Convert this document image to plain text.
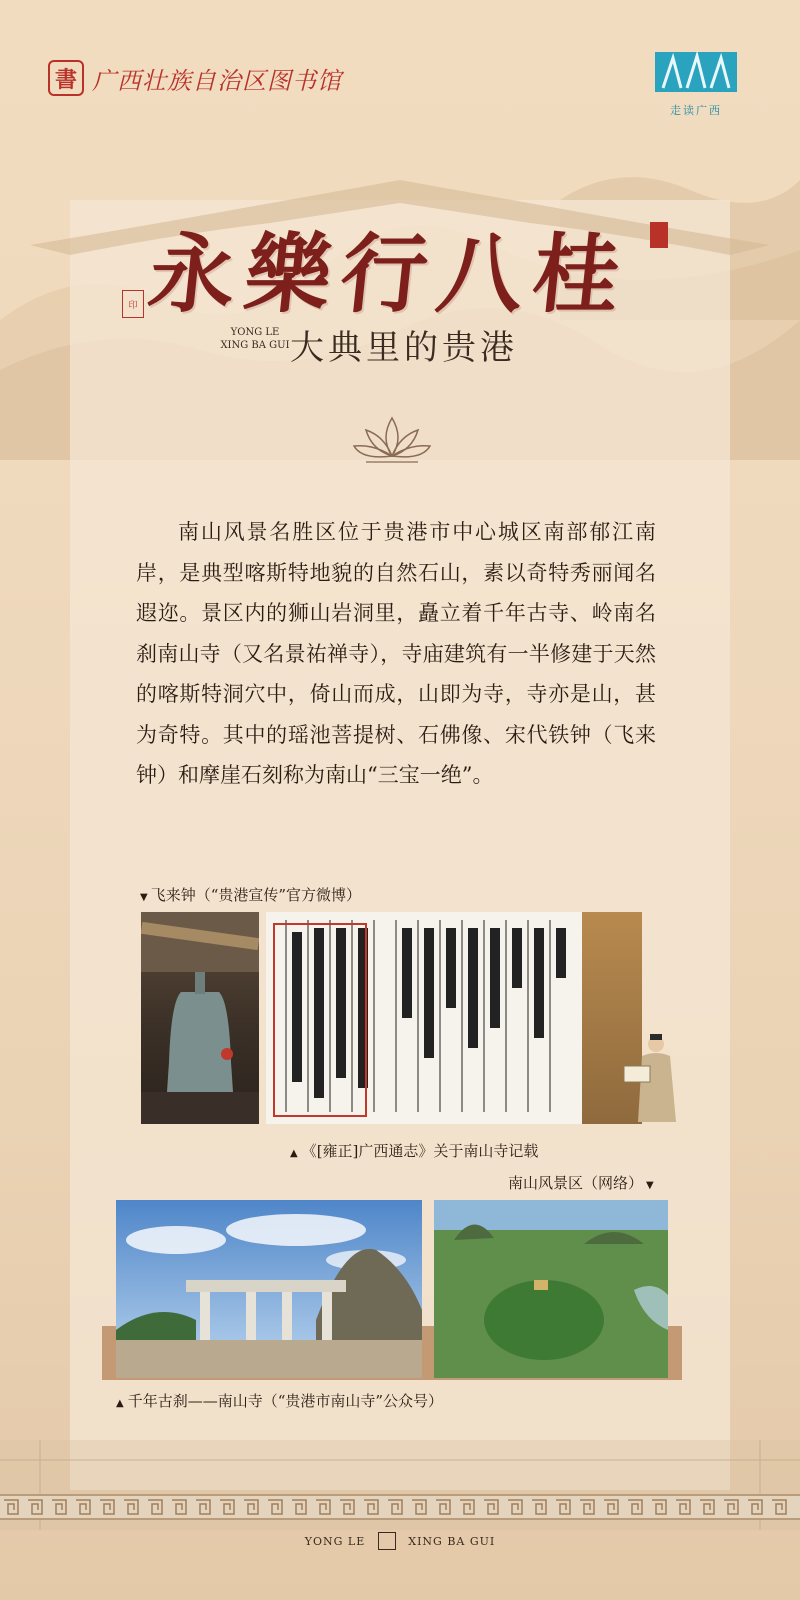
書 广西壮族自治区图书馆
走读广西
永樂行八桂
印
YONG LE XING BA GUI 大典里的贵港
南山风景名胜区位于贵港市中心城区南部郁江南岸，是典型喀斯特地貌的自然石山，素以奇特秀丽闻名遐迩。景区内的狮山岩洞里，矗立着千年古寺、岭南名刹南山寺（又名景祐禅寺），寺庙建筑有一半修建于天然的喀斯特洞穴中，倚山而成，山即为寺，寺亦是山，甚为奇特。其中的瑶池菩提树、石佛像、宋代铁钟（飞来钟）和摩崖石刻称为南山“三宝一绝”。
▼ 飞来钟（“贵港宣传”官方微博）
▲ 《[雍正]广西通志》关于南山寺记载
南山风景区（网络） ▼
▲ 千年古刹——南山寺（“贵港市南山寺”公众号）
YONG LE	XING BA GUI
